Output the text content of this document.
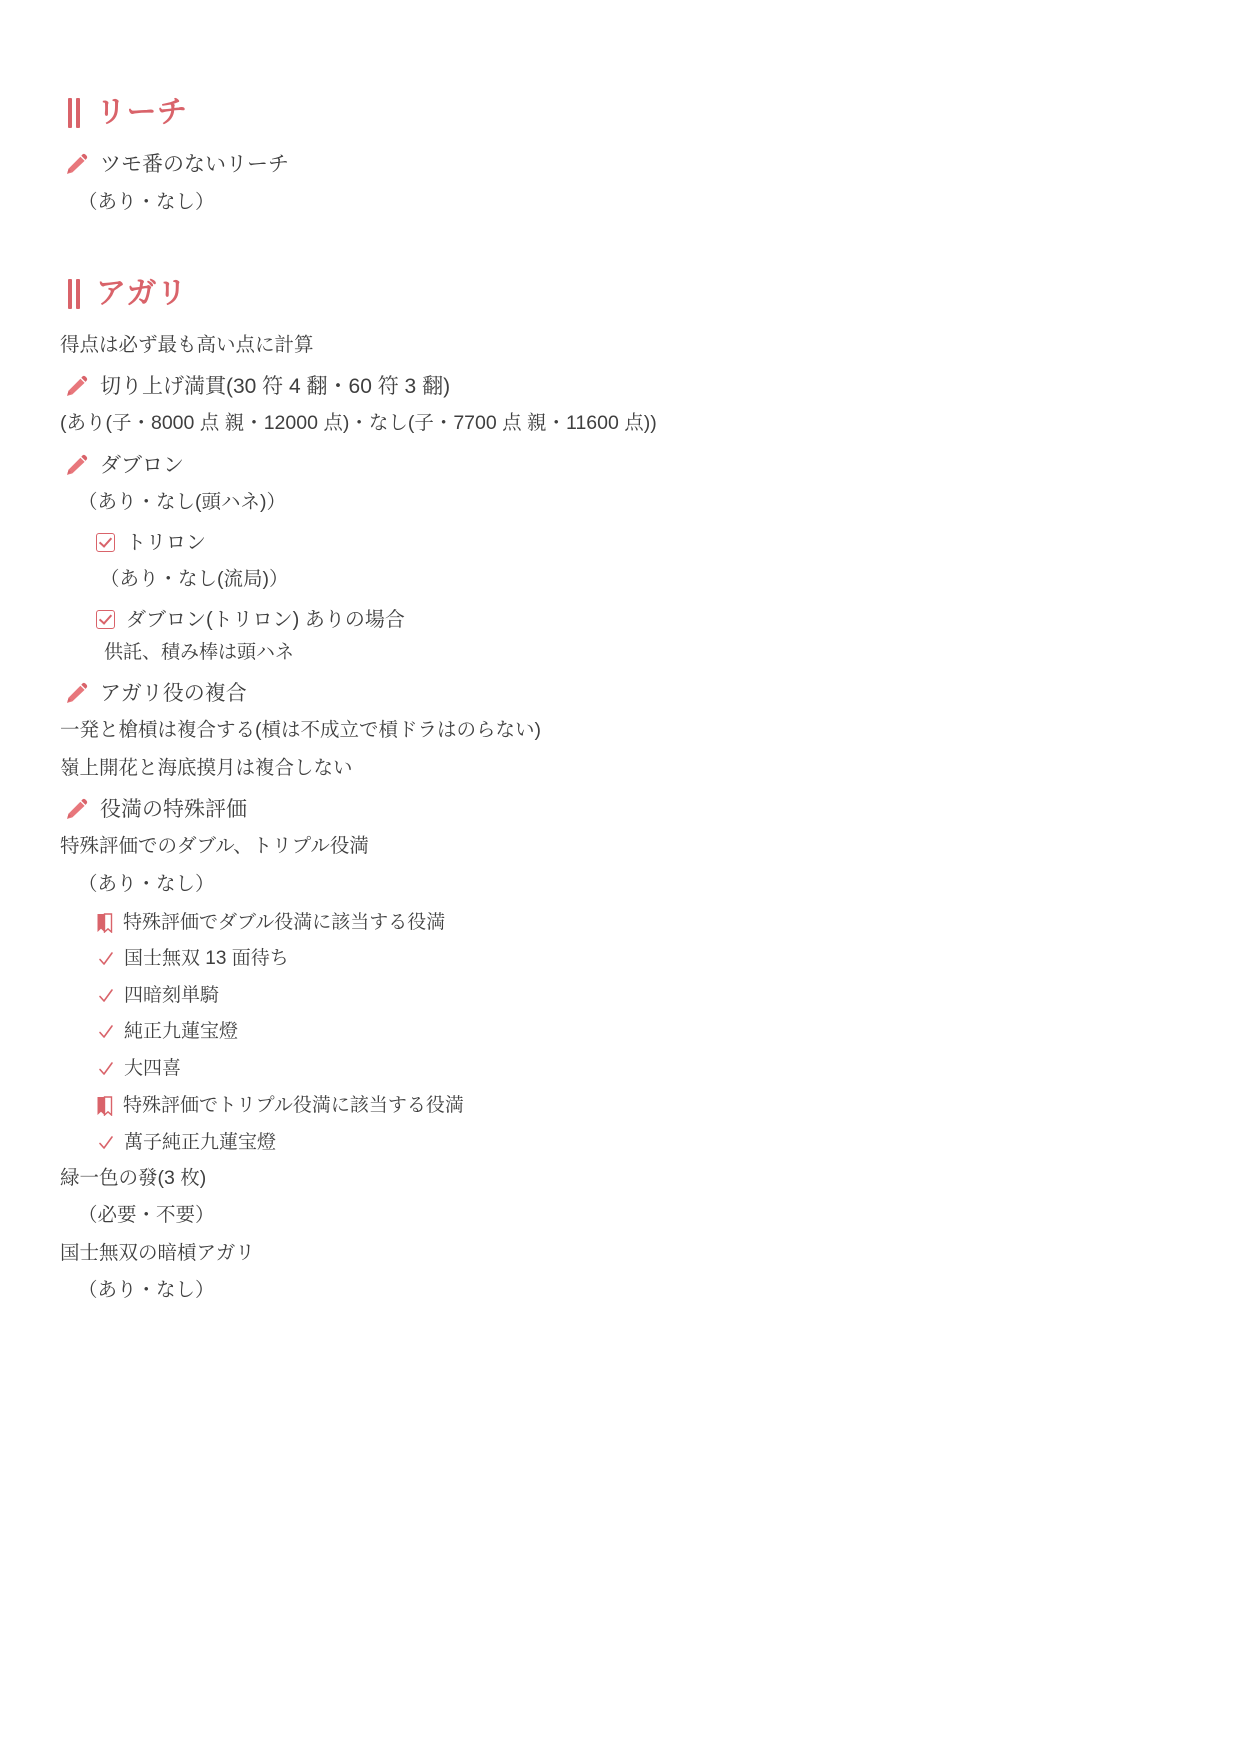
リーチ
ツモ番のないリーチ
（あり・なし）
アガリ
得点は必ず最も高い点に計算
切り上げ満貫(30 符 4 翻・60 符 3 翻)
(あり(子・8000 点 親・12000 点)・なし(子・7700 点 親・11600 点))
ダブロン
（あり・なし(頭ハネ)）
トリロン
（あり・なし(流局)）
ダブロン(トリロン) ありの場合
供託、積み棒は頭ハネ
アガリ役の複合
一発と槍槓は複合する(槓は不成立で槓ドラはのらない)
嶺上開花と海底摸月は複合しない
役満の特殊評価
特殊評価でのダブル、トリプル役満
（あり・なし）
特殊評価でダブル役満に該当する役満
国士無双 13 面待ち
四暗刻単騎
純正九蓮宝燈
大四喜
特殊評価でトリプル役満に該当する役満
萬子純正九蓮宝燈
緑一色の發(3 枚)
（必要・不要）
国士無双の暗槓アガリ
（あり・なし）
